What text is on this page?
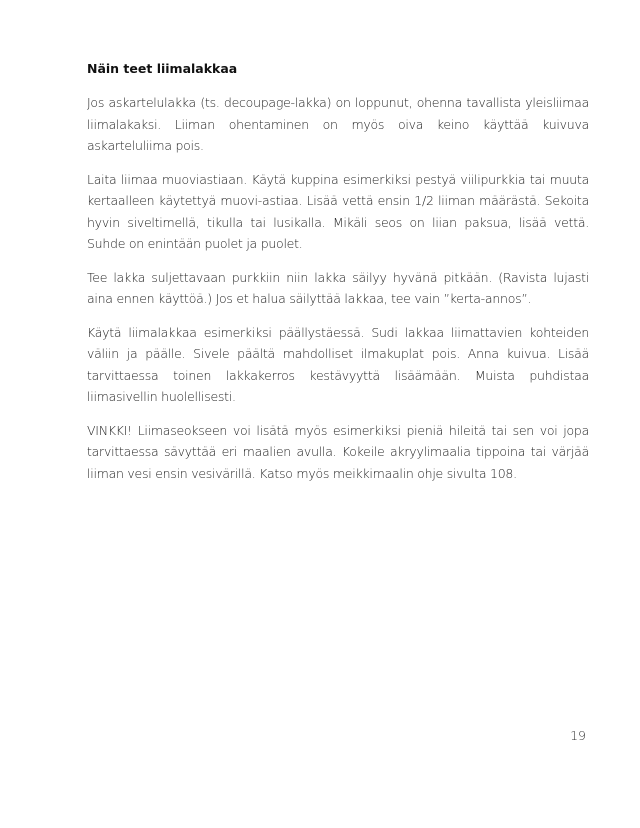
Näin teet liimalakkaa

Jos askartelulakka (ts. decoupage-lakka) on loppunut, ohenna tavallista yleisliimaa liimalakaksi. Liiman ohentaminen on myös oiva keino käyttää kuivuva askarteluliima pois.

Laita liimaa muoviastiaan. Käytä kuppina esimerkiksi pestyä viilipurkkia tai muuta kertaalleen käytettyä muovi-astiaa. Lisää vettä ensin 1/2 liiman määrästä. Sekoita hyvin siveltimellä, tikulla tai lusikalla. Mikäli seos on liian paksua, lisää vettä. Suhde on enintään puolet ja puolet.

Tee lakka suljettavaan purkkiin niin lakka säilyy hyvänä pitkään. (Ravista lujasti aina ennen käyttöä.) Jos et halua säilyttää lakkaa, tee vain ”kerta-annos”.

Käytä liimalakkaa esimerkiksi päällystäessä. Sudi lakkaa liimattavien kohteiden väliin ja päälle. Sivele päältä mahdolliset ilmakuplat pois. Anna kuivua. Lisää tarvittaessa toinen lakkakerros kestävyyttä lisäämään. Muista puhdistaa liimasivellin huolellisesti.

VINKKI! Liimaseokseen voi lisätä myös esimerkiksi pieniä hileitä tai sen voi jopa tarvittaessa sävyttää eri maalien avulla. Kokeile akryylimaalia tippoina tai värjää liiman vesi ensin vesivärillä. Katso myös meikkimaalin ohje sivulta 108.

19
